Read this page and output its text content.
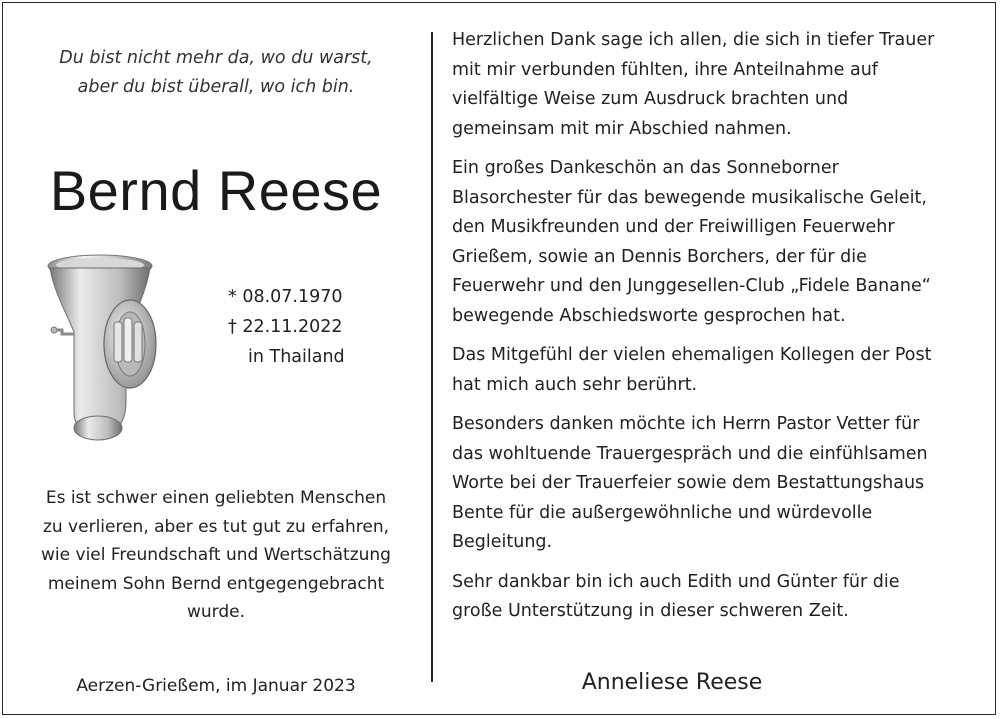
Du bist nicht mehr da, wo du warst,
aber du bist überall, wo ich bin.
Bernd Reese
* 08.07.1970
† 22.11.2022
in Thailand
Es ist schwer einen geliebten Menschen
zu verlieren, aber es tut gut zu erfahren,
wie viel Freundschaft und Wertschätzung
meinem Sohn Bernd entgegengebracht
wurde.
Aerzen-Grießem, im Januar 2023
Herzlichen Dank sage ich allen, die sich in tiefer Trauer
mit mir verbunden fühlten, ihre Anteilnahme auf
vielfältige Weise zum Ausdruck brachten und
gemeinsam mit mir Abschied nahmen.
Ein großes Dankeschön an das Sonneborner
Blasorchester für das bewegende musikalische Geleit,
den Musikfreunden und der Freiwilligen Feuerwehr
Grießem, sowie an Dennis Borchers, der für die
Feuerwehr und den Junggesellen-Club „Fidele Banane“
bewegende Abschiedsworte gesprochen hat.
Das Mitgefühl der vielen ehemaligen Kollegen der Post
hat mich auch sehr berührt.
Besonders danken möchte ich Herrn Pastor Vetter für
das wohltuende Trauergespräch und die einfühlsamen
Worte bei der Trauerfeier sowie dem Bestattungshaus
Bente für die außergewöhnliche und würdevolle
Begleitung.
Sehr dankbar bin ich auch Edith und Günter für die
große Unterstützung in dieser schweren Zeit.
Anneliese Reese
